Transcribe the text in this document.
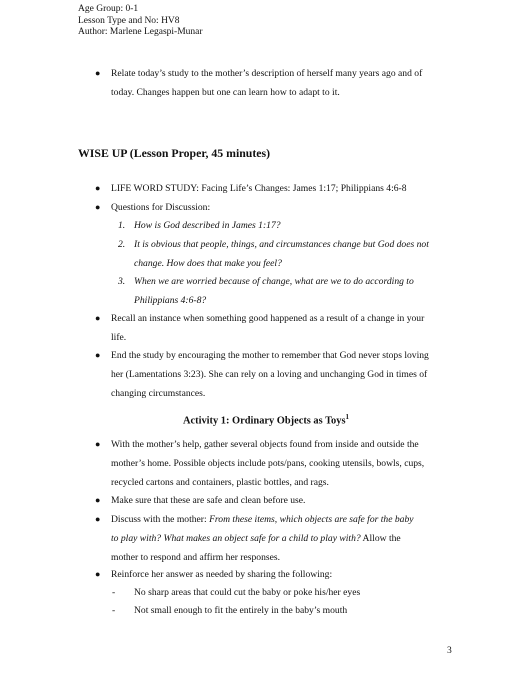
Age Group: 0-1
Lesson Type and No: HV8
Author: Marlene Legaspi-Munar
● Relate today’s study to the mother’s description of herself many years ago and of
today. Changes happen but one can learn how to adapt to it.
WISE UP (Lesson Proper, 45 minutes)
● LIFE WORD STUDY: Facing Life’s Changes: James 1:17; Philippians 4:6-8
● Questions for Discussion:
1. How is God described in James 1:17?
2. It is obvious that people, things, and circumstances change but God does not
change. How does that make you feel?
3. When we are worried because of change, what are we to do according to
Philippians 4:6-8?
● Recall an instance when something good happened as a result of a change in your
life.
● End the study by encouraging the mother to remember that God never stops loving
her (Lamentations 3:23). She can rely on a loving and unchanging God in times of
changing circumstances.
Activity 1: Ordinary Objects as Toys$^1$
● With the mother’s help, gather several objects found from inside and outside the
mother’s home. Possible objects include pots/pans, cooking utensils, bowls, cups,
recycled cartons and containers, plastic bottles, and rags.
● Make sure that these are safe and clean before use.
● Discuss with the mother: From these items, which objects are safe for the baby
to play with? What makes an object safe for a child to play with? Allow the
mother to respond and affirm her responses.
● Reinforce her answer as needed by sharing the following:
- No sharp areas that could cut the baby or poke his/her eyes
- Not small enough to fit the entirely in the baby’s mouth
3
